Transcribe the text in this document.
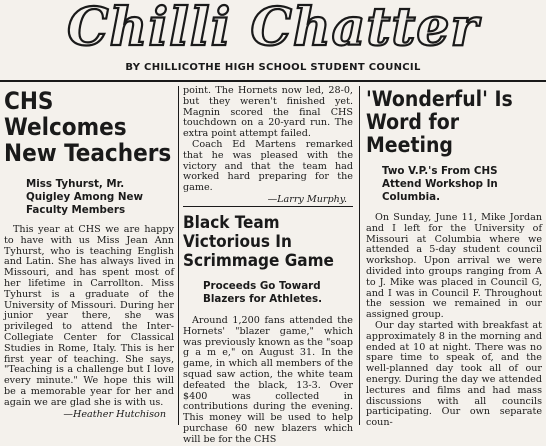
Chilli Chatter
BY CHILLICOTHE HIGH SCHOOL STUDENT COUNCIL
CHS Welcomes New Teachers
Miss Tyhurst, Mr. Quigley Among New Faculty Members

This year at CHS we are happy to have with us Miss Jean Ann Tyhurst, who is teaching English and Latin. She has always lived in Missouri, and has spent most of her lifetime in Carrollton. Miss Tyhurst is a graduate of the University of Missouri. During her junior year there, she was privileged to attend the Inter-Collegiate Center for Classical Studies in Rome, Italy. This is her first year of teaching. She says, "Teaching is a challenge but I love every minute." We hope this will be a memorable year for her and again we are glad she is with us.

—Heather Hutchison

point. The Hornets now led, 28-0, but they weren't finished yet. Magnin scored the final CHS touchdown on a 20-yard run. The extra point attempt failed.

Coach Ed Martens remarked that he was pleased with the victory and that the team had worked hard preparing for the game.

—Larry Murphy.
Black Team Victorious In Scrimmage Game
Proceeds Go Toward Blazers for Athletes.

Around 1,200 fans attended the Hornets' "blazer game," which was previously known as the "soap g a m e," on August 31. In the game, in which all members of the squad saw action, the white team defeated the black, 13-3. Over $400 was collected in contributions during the evening. This money will be used to help purchase 60 new blazers which will be for the CHS

'Wonderful' Is Word for Meeting
Two V.P.'s From CHS Attend Workshop In Columbia.

On Sunday, June 11, Mike Jordan and I left for the University of Missouri at Columbia where we attended a 5-day student council workshop. Upon arrival we were divided into groups ranging from A to J. Mike was placed in Council G, and I was in Council F. Throughout the session we remained in our assigned group.

Our day started with breakfast at approximately 8 in the morning and ended at 10 at night. There was no spare time to speak of, and the well-planned day took all of our energy. During the day we attended lectures and films and had mass discussions with all councils participating. Our own separate coun-
